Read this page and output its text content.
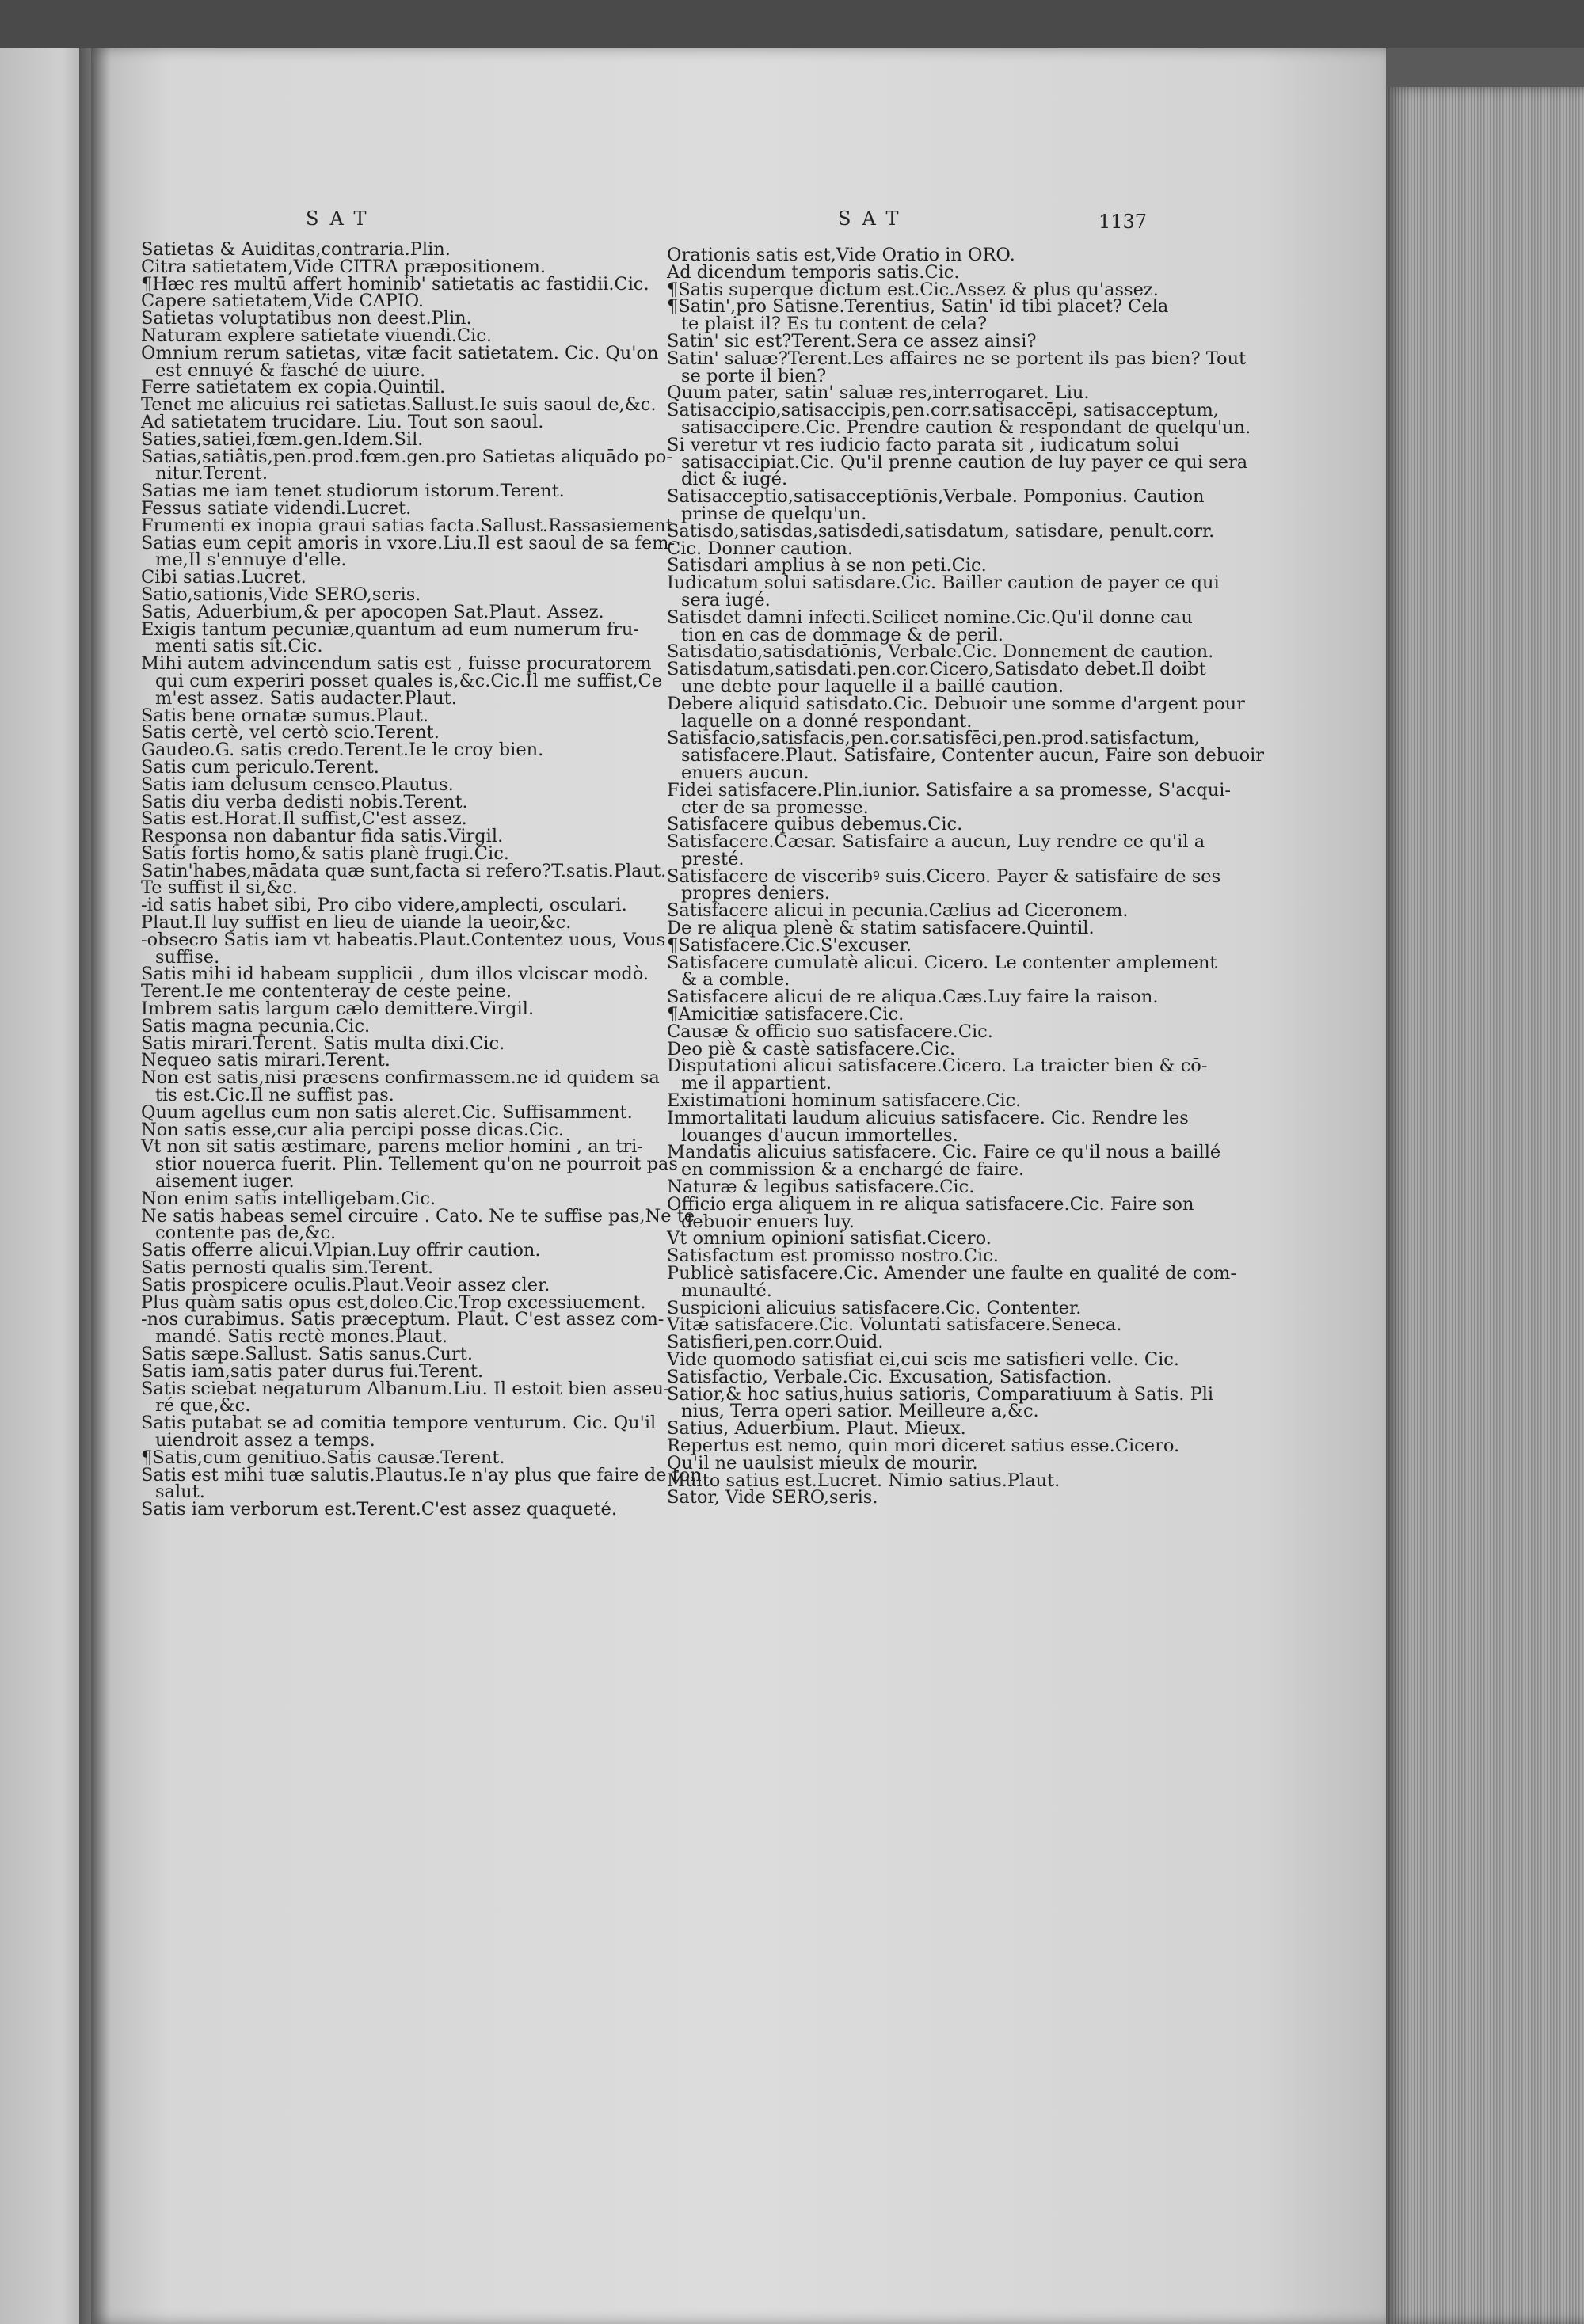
SAT	SAT	1137
Satietas & Auiditas,contraria.Plin.
Citra satietatem,Vide CITRA præpositionem.
¶Hæc res multū affert hominib' satietatis ac fastidii.Cic.
Capere satietatem,Vide CAPIO.
Satietas voluptatibus non deest.Plin.
Naturam explere satietate viuendi.Cic.
Omnium rerum satietas, vitæ facit satietatem. Cic. Qu'on
est ennuyé & fasché de uiure.
Ferre satietatem ex copia.Quintil.
Tenet me alicuius rei satietas.Sallust.Ie suis saoul de,&c.
Ad satietatem trucidare. Liu. Tout son saoul.
Saties,satiei,fœm.gen.Idem.Sil.
Satias,satiâtis,pen.prod.fœm.gen.pro Satietas aliquādo po-
nitur.Terent.
Satias me iam tenet studiorum istorum.Terent.
Fessus satiate videndi.Lucret.
Frumenti ex inopia graui satias facta.Sallust.Rassasiement.
Satias eum cepit amoris in vxore.Liu.Il est saoul de sa fem-
me,Il s'ennuye d'elle.
Cibi satias.Lucret.
Satio,sationis,Vide SERO,seris.
Satis, Aduerbium,& per apocopen Sat.Plaut. Assez.
Exigis tantum pecuniæ,quantum ad eum numerum fru-
menti satis sit.Cic.
Mihi autem advincendum satis est , fuisse procuratorem
qui cum experiri posset quales is,&c.Cic.Il me suffist,Ce
m'est assez. Satis audacter.Plaut.
Satis bene ornatæ sumus.Plaut.
Satis certè, vel certò scio.Terent.
Gaudeo.G. satis credo.Terent.Ie le croy bien.
Satis cum periculo.Terent.
Satis iam delusum censeo.Plautus.
Satis diu verba dedisti nobis.Terent.
Satis est.Horat.Il suffist,C'est assez.
Responsa non dabantur fida satis.Virgil.
Satis fortis homo,& satis planè frugi.Cic.
Satin'habes,mādata quæ sunt,facta si refero?T.satis.Plaut.
Te suffist il si,&c.
-id satis habet sibi, Pro cibo videre,amplecti, osculari.
Plaut.Il luy suffist en lieu de uiande la ueoir,&c.
-obsecro Satis iam vt habeatis.Plaut.Contentez uous, Vous
suffise.
Satis mihi id habeam supplicii , dum illos vlciscar modò.
Terent.Ie me contenteray de ceste peine.
Imbrem satis largum cælo demittere.Virgil.
Satis magna pecunia.Cic.
Satis mirari.Terent. Satis multa dixi.Cic.
Nequeo satis mirari.Terent.
Non est satis,nisi præsens confirmassem.ne id quidem sa
tis est.Cic.Il ne suffist pas.
Quum agellus eum non satis aleret.Cic. Suffisamment.
Non satis esse,cur alia percipi posse dicas.Cic.
Vt non sit satis æstimare, parens melior homini , an tri-
stior nouerca fuerit. Plin. Tellement qu'on ne pourroit pas
aisement iuger.
Non enim satis intelligebam.Cic.
Ne satis habeas semel circuire . Cato. Ne te suffise pas,Ne te
contente pas de,&c.
Satis offerre alicui.Vlpian.Luy offrir caution.
Satis pernosti qualis sim.Terent.
Satis prospicere oculis.Plaut.Veoir assez cler.
Plus quàm satis opus est,doleo.Cic.Trop excessiuement.
-nos curabimus. Satis præceptum. Plaut. C'est assez com-
mandé. Satis rectè mones.Plaut.
Satis sæpe.Sallust. Satis sanus.Curt.
Satis iam,satis pater durus fui.Terent.
Satis sciebat negaturum Albanum.Liu. Il estoit bien asseu-
ré que,&c.
Satis putabat se ad comitia tempore venturum. Cic. Qu'il
uiendroit assez a temps.
¶Satis,cum genitiuo.Satis causæ.Terent.
Satis est mihi tuæ salutis.Plautus.Ie n'ay plus que faire de ton
salut.
Satis iam verborum est.Terent.C'est assez quaqueté.
Orationis satis est,Vide Oratio in ORO.
Ad dicendum temporis satis.Cic.
¶Satis superque dictum est.Cic.Assez & plus qu'assez.
¶Satin',pro Satisne.Terentius, Satin' id tibi placet? Cela
te plaist il? Es tu content de cela?
Satin' sic est?Terent.Sera ce assez ainsi?
Satin' saluæ?Terent.Les affaires ne se portent ils pas bien? Tout
se porte il bien?
Quum pater, satin' saluæ res,interrogaret. Liu.
Satisaccipio,satisaccipis,pen.corr.satisaccēpi, satisacceptum,
satisaccipere.Cic. Prendre caution & respondant de quelqu'un.
Si veretur vt res iudicio facto parata sit , iudicatum solui
satisaccipiat.Cic. Qu'il prenne caution de luy payer ce qui sera
dict & iugé.
Satisacceptio,satisacceptiōnis,Verbale. Pomponius. Caution
prinse de quelqu'un.
Satisdo,satisdas,satisdedi,satisdatum, satisdare, penult.corr.
Cic. Donner caution.
Satisdari amplius à se non peti.Cic.
Iudicatum solui satisdare.Cic. Bailler caution de payer ce qui
sera iugé.
Satisdet damni infecti.Scilicet nomine.Cic.Qu'il donne cau
tion en cas de dommage & de peril.
Satisdatio,satisdatiōnis, Verbale.Cic. Donnement de caution.
Satisdatum,satisdati.pen.cor.Cicero,Satisdato debet.Il doibt
une debte pour laquelle il a baillé caution.
Debere aliquid satisdato.Cic. Debuoir une somme d'argent pour
laquelle on a donné respondant.
Satisfacio,satisfacis,pen.cor.satisfēci,pen.prod.satisfactum,
satisfacere.Plaut. Satisfaire, Contenter aucun, Faire son debuoir
enuers aucun.
Fidei satisfacere.Plin.iunior. Satisfaire a sa promesse, S'acqui-
cter de sa promesse.
Satisfacere quibus debemus.Cic.
Satisfacere.Cæsar. Satisfaire a aucun, Luy rendre ce qu'il a
presté.
Satisfacere de visceribꝰ suis.Cicero. Payer & satisfaire de ses
propres deniers.
Satisfacere alicui in pecunia.Cælius ad Ciceronem.
De re aliqua plenè & statim satisfacere.Quintil.
¶Satisfacere.Cic.S'excuser.
Satisfacere cumulatè alicui. Cicero. Le contenter amplement
& a comble.
Satisfacere alicui de re aliqua.Cæs.Luy faire la raison.
¶Amicitiæ satisfacere.Cic.
Causæ & officio suo satisfacere.Cic.
Deo piè & castè satisfacere.Cic.
Disputationi alicui satisfacere.Cicero. La traicter bien & cō-
me il appartient.
Existimationi hominum satisfacere.Cic.
Immortalitati laudum alicuius satisfacere. Cic. Rendre les
louanges d'aucun immortelles.
Mandatis alicuius satisfacere. Cic. Faire ce qu'il nous a baillé
en commission & a enchargé de faire.
Naturæ & legibus satisfacere.Cic.
Officio erga aliquem in re aliqua satisfacere.Cic. Faire son
debuoir enuers luy.
Vt omnium opinioni satisfiat.Cicero.
Satisfactum est promisso nostro.Cic.
Publicè satisfacere.Cic. Amender une faulte en qualité de com-
munaulté.
Suspicioni alicuius satisfacere.Cic. Contenter.
Vitæ satisfacere.Cic. Voluntati satisfacere.Seneca.
Satisfieri,pen.corr.Ouid.
Vide quomodo satisfiat ei,cui scis me satisfieri velle. Cic.
Satisfactio, Verbale.Cic. Excusation, Satisfaction.
Satior,& hoc satius,huius satioris, Comparatiuum à Satis. Pli
nius, Terra operi satior. Meilleure a,&c.
Satius, Aduerbium. Plaut. Mieux.
Repertus est nemo, quin mori diceret satius esse.Cicero.
Qu'il ne uaulsist mieulx de mourir.
Multo satius est.Lucret. Nimio satius.Plaut.
Sator, Vide SERO,seris.
